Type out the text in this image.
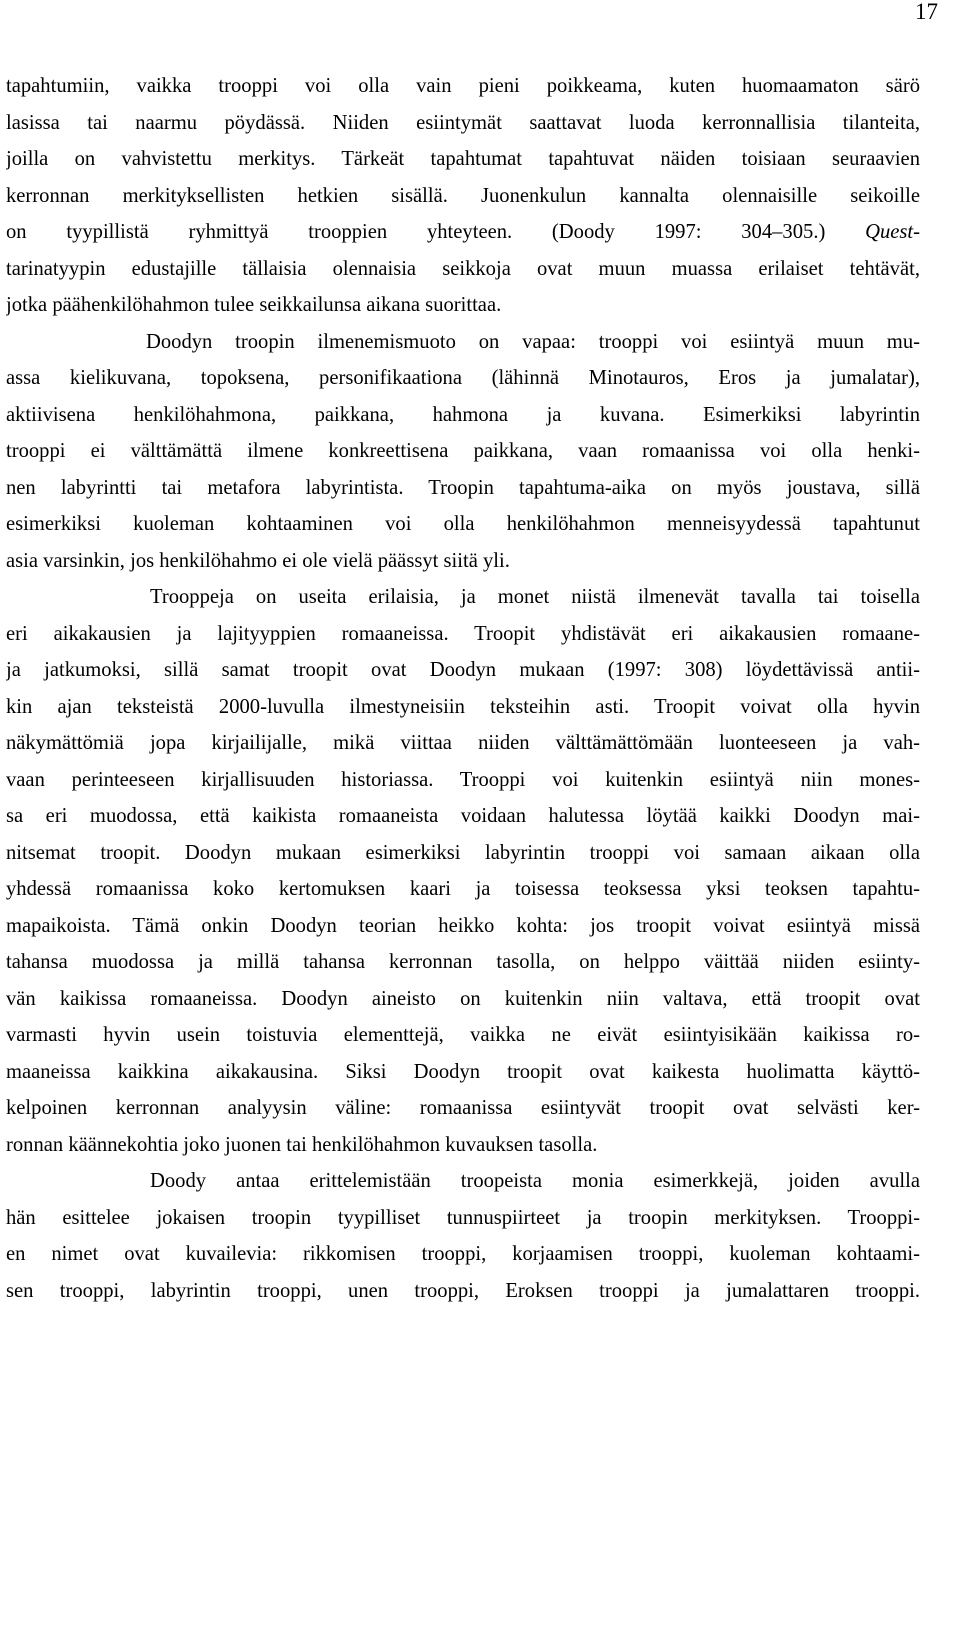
17

tapahtumiin, vaikka trooppi voi olla vain pieni poikkeama, kuten huomaamaton särö
lasissa tai naarmu pöydässä. Niiden esiintymät saattavat luoda kerronnallisia tilanteita,
joilla on vahvistettu merkitys. Tärkeät tapahtumat tapahtuvat näiden toisiaan seuraavien
kerronnan merkityksellisten hetkien sisällä. Juonenkulun kannalta olennaisille seikoille
on tyypillistä ryhmittyä trooppien yhteyteen. (Doody 1997: 304–305.) Quest-
tarinatyypin edustajille tällaisia olennaisia seikkoja ovat muun muassa erilaiset tehtävät,
jotka päähenkilöhahmon tulee seikkailunsa aikana suorittaa.

Doodyn troopin ilmenemismuoto on vapaa: trooppi voi esiintyä muun mu-
assa kielikuvana, topoksena, personifikaationa (lähinnä Minotauros, Eros ja jumalatar),
aktiivisena henkilöhahmona, paikkana, hahmona ja kuvana. Esimerkiksi labyrintin
trooppi ei välttämättä ilmene konkreettisena paikkana, vaan romaanissa voi olla henki-
nen labyrintti tai metafora labyrintista. Troopin tapahtuma-aika on myös joustava, sillä
esimerkiksi kuoleman kohtaaminen voi olla henkilöhahmon menneisyydessä tapahtunut
asia varsinkin, jos henkilöhahmo ei ole vielä päässyt siitä yli.

Trooppeja on useita erilaisia, ja monet niistä ilmenevät tavalla tai toisella
eri aikakausien ja lajityyppien romaaneissa. Troopit yhdistävät eri aikakausien romaane-
ja jatkumoksi, sillä samat troopit ovat Doodyn mukaan (1997: 308) löydettävissä antii-
kin ajan teksteistä 2000-luvulla ilmestyneisiin teksteihin asti. Troopit voivat olla hyvin
näkymättömiä jopa kirjailijalle, mikä viittaa niiden välttämättömään luonteeseen ja vah-
vaan perinteeseen kirjallisuuden historiassa. Trooppi voi kuitenkin esiintyä niin mones-
sa eri muodossa, että kaikista romaaneista voidaan halutessa löytää kaikki Doodyn mai-
nitsemat troopit. Doodyn mukaan esimerkiksi labyrintin trooppi voi samaan aikaan olla
yhdessä romaanissa koko kertomuksen kaari ja toisessa teoksessa yksi teoksen tapahtu-
mapaikoista. Tämä onkin Doodyn teorian heikko kohta: jos troopit voivat esiintyä missä
tahansa muodossa ja millä tahansa kerronnan tasolla, on helppo väittää niiden esiinty-
vän kaikissa romaaneissa. Doodyn aineisto on kuitenkin niin valtava, että troopit ovat
varmasti hyvin usein toistuvia elementtejä, vaikka ne eivät esiintyisikään kaikissa ro-
maaneissa kaikkina aikakausina. Siksi Doodyn troopit ovat kaikesta huolimatta käyttö-
kelpoinen kerronnan analyysin väline: romaanissa esiintyvät troopit ovat selvästi ker-
ronnan käännekohtia joko juonen tai henkilöhahmon kuvauksen tasolla.

Doody antaa erittelemistään troopeista monia esimerkkejä, joiden avulla
hän esittelee jokaisen troopin tyypilliset tunnuspiirteet ja troopin merkityksen. Trooppi-
en nimet ovat kuvailevia: rikkomisen trooppi, korjaamisen trooppi, kuoleman kohtaami-
sen trooppi, labyrintin trooppi, unen trooppi, Eroksen trooppi ja jumalattaren trooppi.
